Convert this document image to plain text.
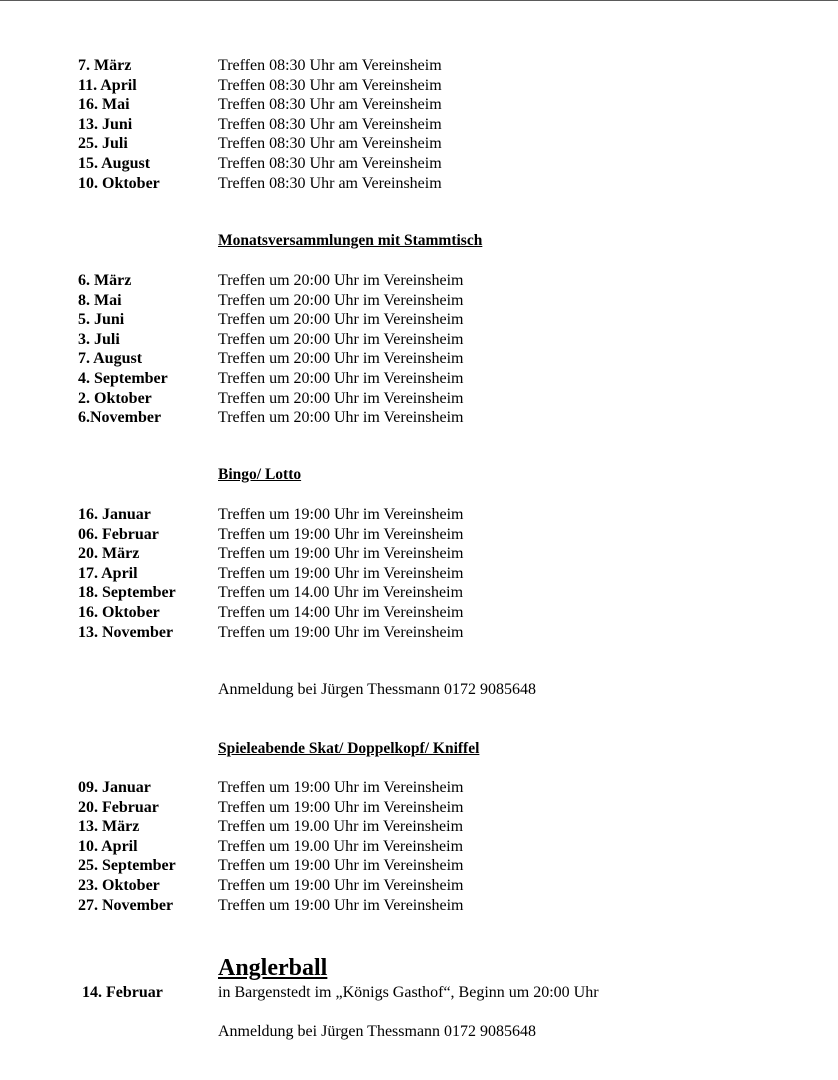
7. März	Treffen 08:30 Uhr am Vereinsheim
11. April	Treffen 08:30 Uhr am Vereinsheim
16. Mai	Treffen 08:30 Uhr am Vereinsheim
13. Juni	Treffen 08:30 Uhr am Vereinsheim
25. Juli	Treffen 08:30 Uhr am Vereinsheim
15. August	Treffen 08:30 Uhr am Vereinsheim
10. Oktober	Treffen 08:30 Uhr am Vereinsheim
Monatsversammlungen mit Stammtisch
6. März	Treffen um 20:00 Uhr im Vereinsheim
8. Mai	Treffen um 20:00 Uhr im Vereinsheim
5. Juni	Treffen um 20:00 Uhr im Vereinsheim
3. Juli	Treffen um 20:00 Uhr im Vereinsheim
7. August	Treffen um 20:00 Uhr im Vereinsheim
4. September	Treffen um 20:00 Uhr im Vereinsheim
2. Oktober	Treffen um 20:00 Uhr im Vereinsheim
6.November	Treffen um 20:00 Uhr im Vereinsheim
Bingo/ Lotto
16. Januar	Treffen um 19:00 Uhr im Vereinsheim
06. Februar	Treffen um 19:00 Uhr im Vereinsheim
20. März	Treffen um 19:00 Uhr im Vereinsheim
17. April	Treffen um 19:00 Uhr im Vereinsheim
18. September	Treffen um 14.00 Uhr im Vereinsheim
16. Oktober	Treffen um 14:00 Uhr im Vereinsheim
13. November	Treffen um 19:00 Uhr im Vereinsheim
Anmeldung bei Jürgen Thessmann 0172 9085648
Spieleabende Skat/ Doppelkopf/ Kniffel
09. Januar	Treffen um 19:00 Uhr im Vereinsheim
20. Februar	Treffen um 19:00 Uhr im Vereinsheim
13. März	Treffen um 19.00 Uhr im Vereinsheim
10. April	Treffen um 19.00 Uhr im Vereinsheim
25. September	Treffen um 19:00 Uhr im Vereinsheim
23. Oktober	Treffen um 19:00 Uhr im Vereinsheim
27. November	Treffen um 19:00 Uhr im Vereinsheim
Anglerball
14. Februar	in Bargenstedt im „Königs Gasthof“, Beginn um 20:00 Uhr
Anmeldung bei Jürgen Thessmann 0172 9085648
